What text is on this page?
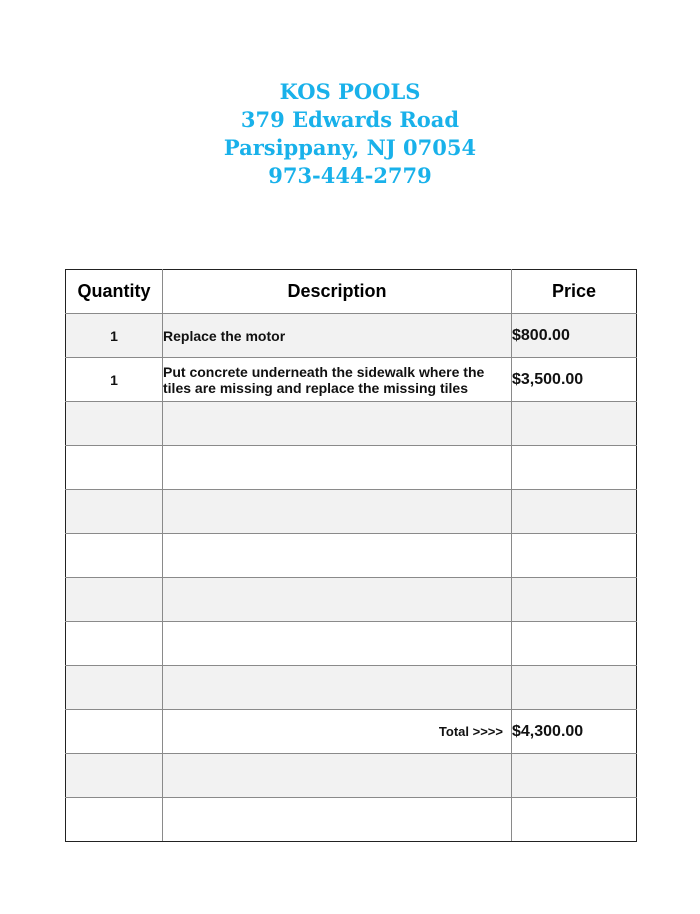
KOS POOLS
379 Edwards Road
Parsippany, NJ 07054
973-444-2779
Quantity	Description	Price
1	Replace the motor	$800.00
1	Put concrete underneath the sidewalk where the tiles are missing and replace the missing tiles	$3,500.00

	Total >>>>	$4,300.00
